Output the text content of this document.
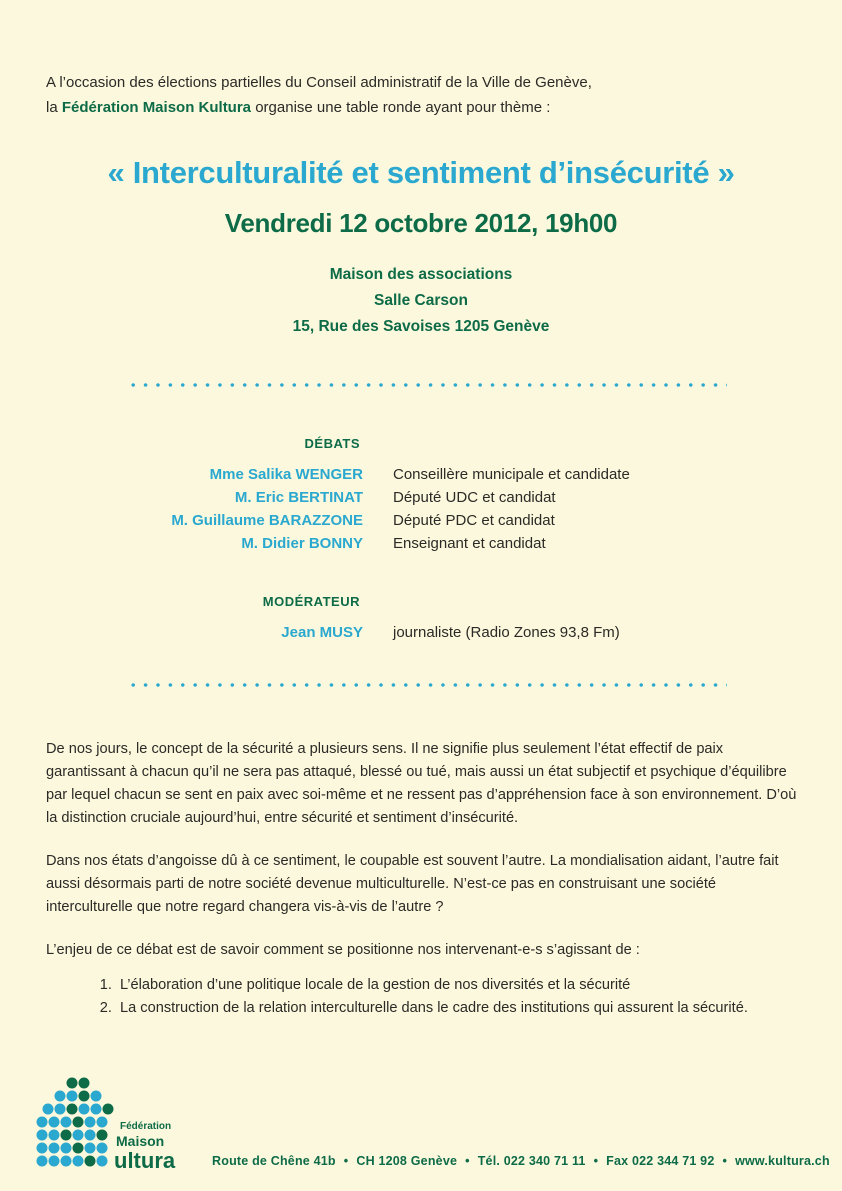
A l’occasion des élections partielles du Conseil administratif de la Ville de Genève,
la Fédération Maison Kultura organise une table ronde ayant pour thème :
« Interculturalité et sentiment d’insécurité »
Vendredi 12 octobre 2012, 19h00
Maison des associations
Salle Carson
15, Rue des Savoises 1205 Genève
DÉBATS
Mme Salika WENGER Conseillère municipale et candidate
M. Eric BERTINAT Député UDC et candidat
M. Guillaume BARAZZONE Député PDC et candidat
M. Didier BONNY Enseignant et candidat
MODÉRATEUR
Jean MUSY journaliste (Radio Zones 93,8 Fm)

De nos jours, le concept de la sécurité a plusieurs sens. Il ne signifie plus seulement l’état effectif de paix garantissant à chacun qu’il ne sera pas attaqué, blessé ou tué, mais aussi un état subjectif et psychique d’équilibre par lequel chacun se sent en paix avec soi-même et ne ressent pas d’appréhension face à son environnement. D’où la distinction cruciale aujourd’hui, entre sécurité et sentiment d’insécurité.

Dans nos états d’angoisse dû à ce sentiment, le coupable est souvent l’autre. La mondialisation aidant, l’autre fait aussi désormais parti de notre société devenue multiculturelle. N’est-ce pas en construisant une société interculturelle que notre regard changera vis-à-vis de l’autre ?

L’enjeu de ce débat est de savoir comment se positionne nos intervenant-e-s s’agissant de :

1. L’élaboration d’une politique locale de la gestion de nos diversités et la sécurité
2. La construction de la relation interculturelle dans le cadre des institutions qui assurent la sécurité.
Fédération
Maison
ultura	Route de Chêne 41b • CH 1208 Genève • Tél. 022 340 71 11 • Fax 022 344 71 92 • www.kultura.ch
